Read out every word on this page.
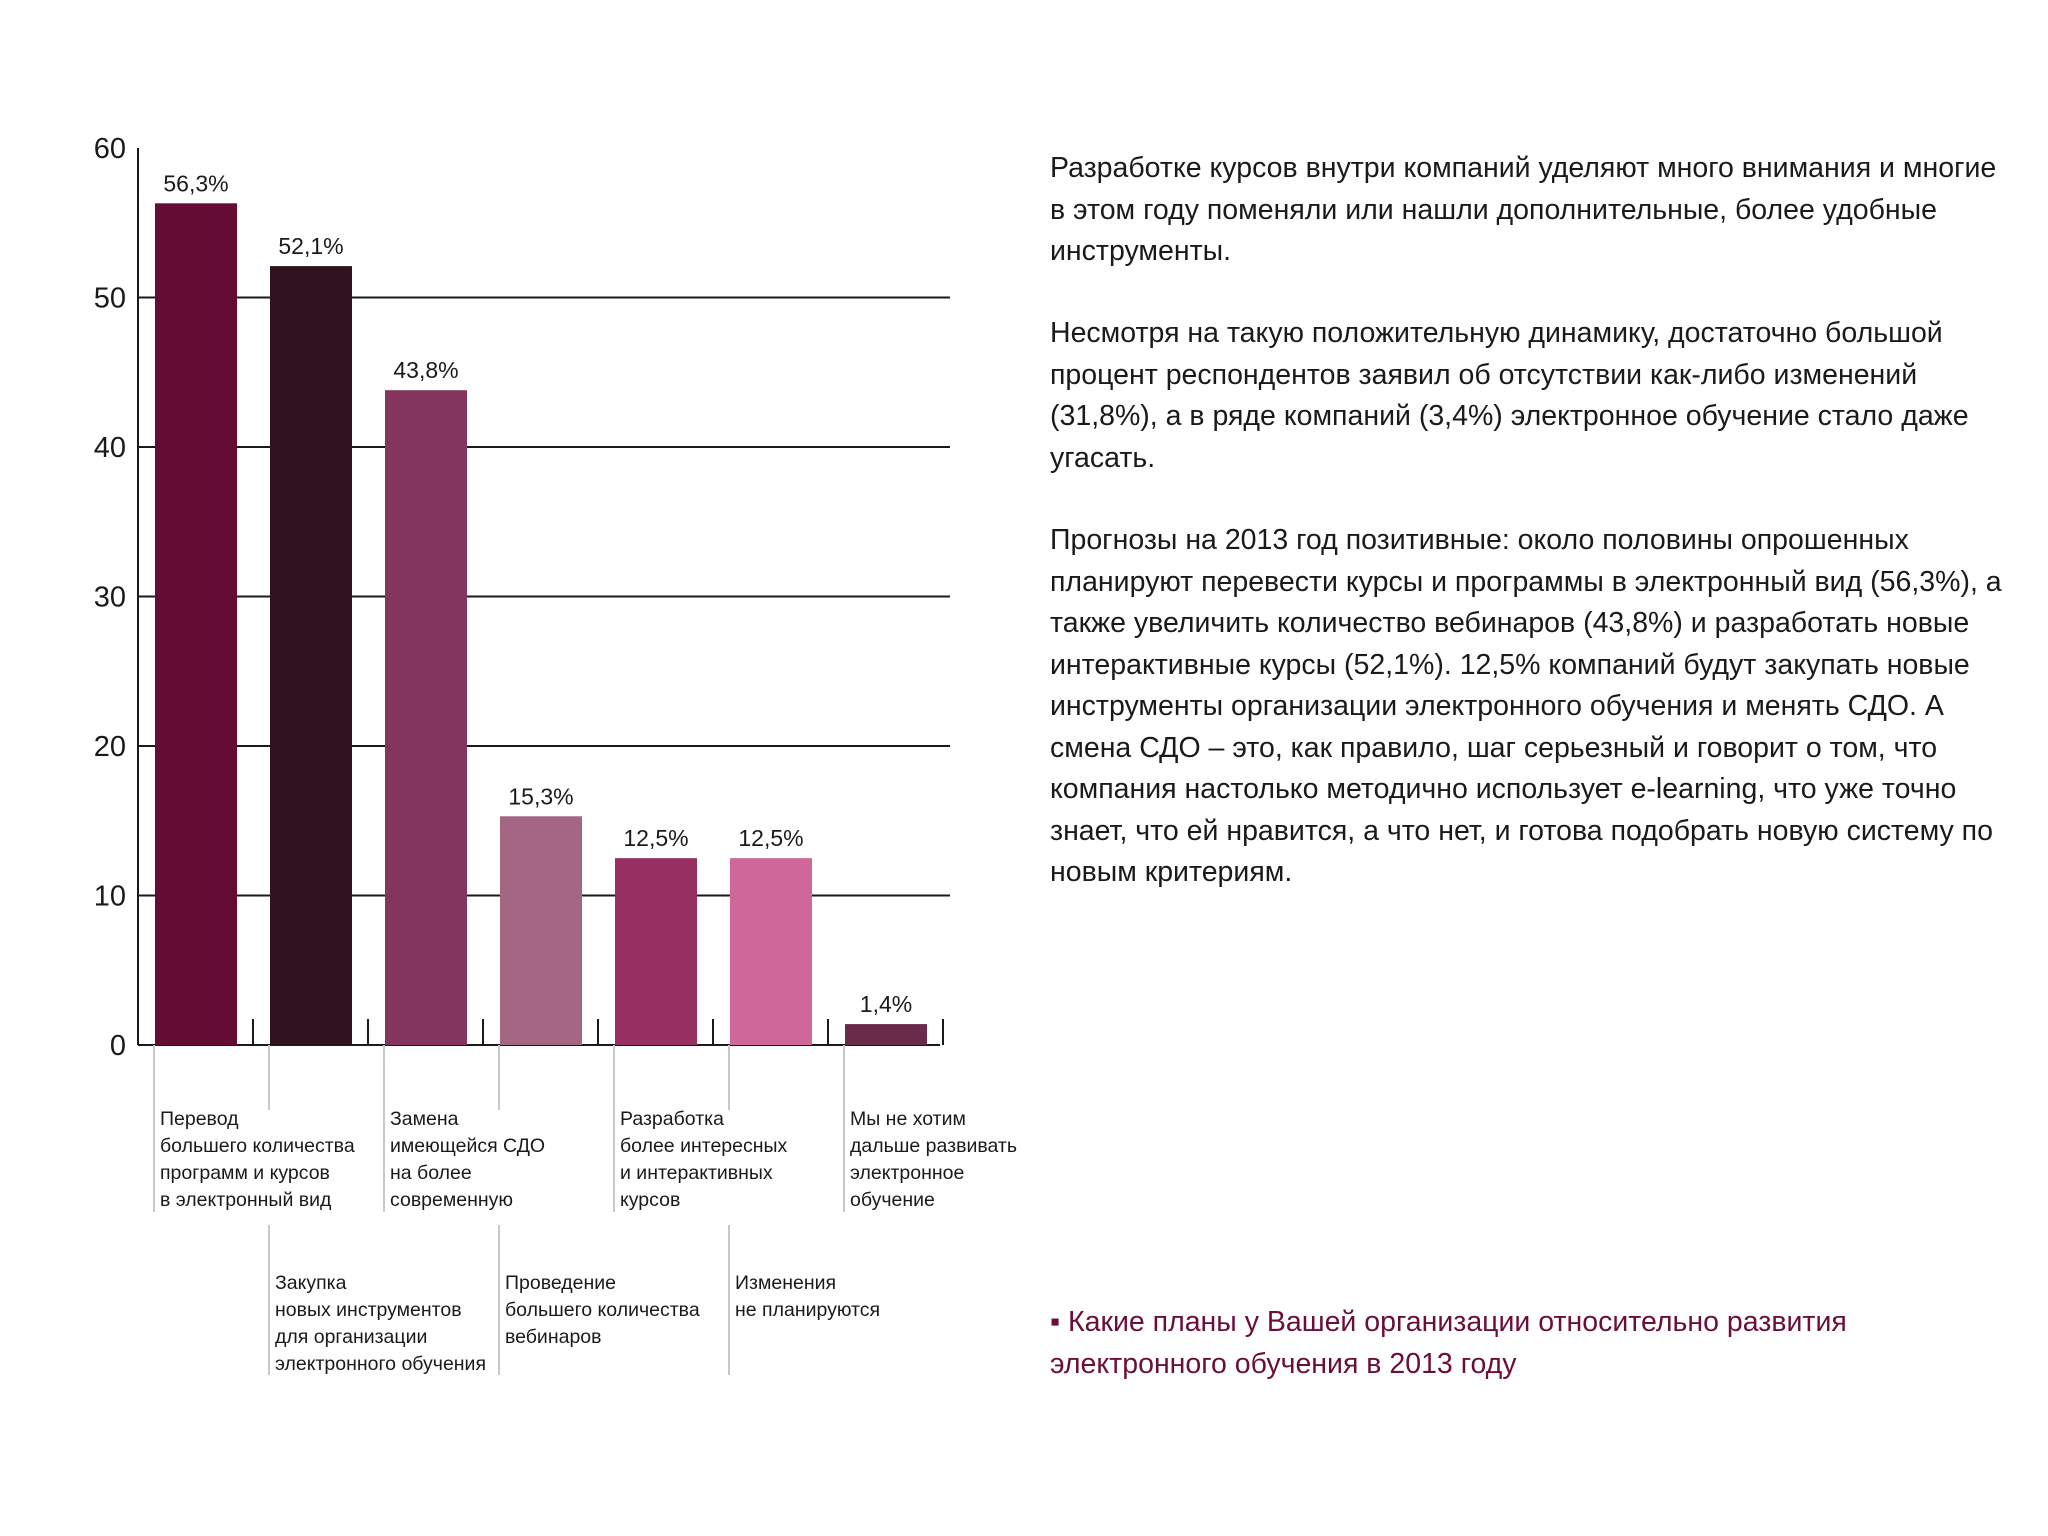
0
10
20
30
40
50
60
56,3%
52,1%
43,8%
15,3%
12,5% 12,5%
1,4%
Перевод
большего количества
программ и курсов
в электронный вид
Закупка
новых инструментов
для организации
электронного обучения
Замена
имеющейся СДО
на более
современную
Проведение
большего количества
вебинаров
Разработка
более интересных
и интерактивных
курсов
Изменения
не планируются
Мы не хотим
дальше развивать
электронное
обучение

Разработке курсов внутри компаний уделяют много внимания и многие в этом году поменяли или нашли дополнительные, более удобные инструменты.

Несмотря на такую положительную динамику, достаточно большой процент респондентов заявил об отсутствии как-либо изменений (31,8%), а в ряде компаний (3,4%) электронное обучение стало даже угасать.

Прогнозы на 2013 год позитивные: около половины опрошенных планируют перевести курсы и программы в электронный вид (56,3%), а также увеличить количество вебинаров (43,8%) и разработать новые интерактивные курсы (52,1%). 12,5% компаний будут закупать новые инструменты организации электронного обучения и менять СДО. А смена СДО – это, как правило, шаг серьезный и говорит о том, что компания настолько методично использует e-learning, что уже точно знает, что ей нравится, а что нет, и готова подобрать новую систему по новым критериям.

▪ Какие планы у Вашей организации относительно развития электронного обучения в 2013 году
